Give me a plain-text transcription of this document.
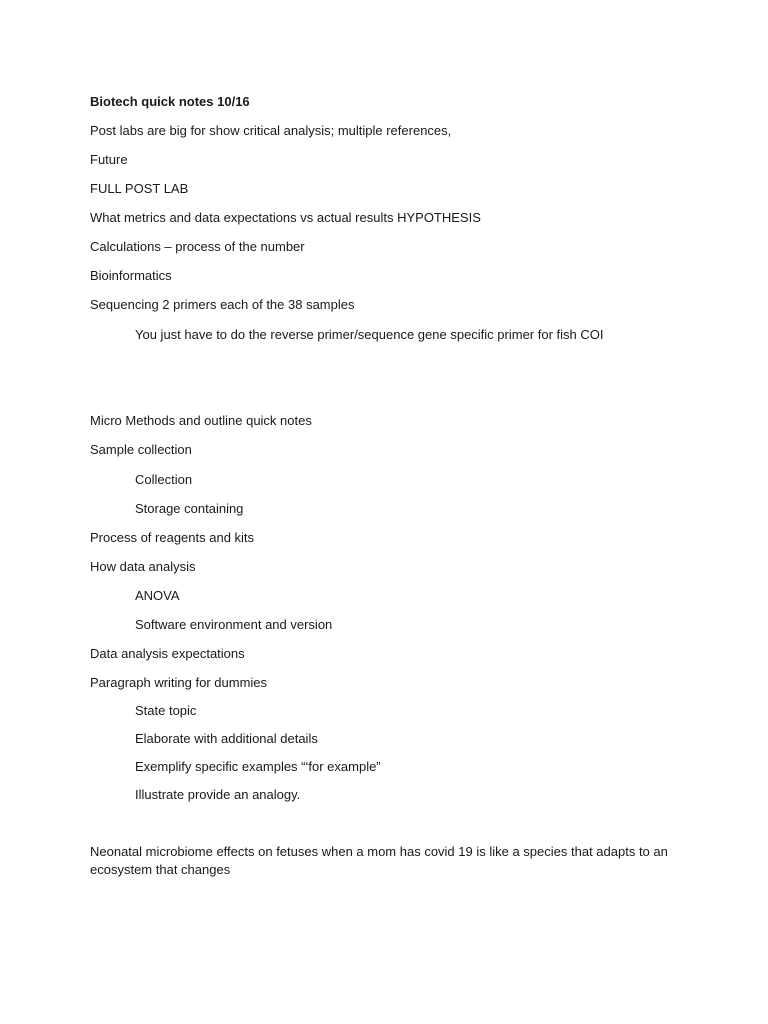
Biotech quick notes 10/16
Post labs are big for show critical analysis; multiple references,
Future
FULL POST LAB
What metrics and data expectations vs actual results HYPOTHESIS
Calculations – process of the number
Bioinformatics
Sequencing 2 primers each of the 38 samples
You just have to do the reverse primer/sequence gene specific primer for fish COI
Micro Methods and outline quick notes
Sample collection
Collection
Storage containing
Process of reagents and kits
How data analysis
ANOVA
Software environment and version
Data analysis expectations
Paragraph writing for dummies
State topic
Elaborate with additional details
Exemplify specific examples “‘for example”
Illustrate provide an analogy.
Neonatal microbiome effects on fetuses when a mom has covid 19 is like a species that adapts to an ecosystem that changes
